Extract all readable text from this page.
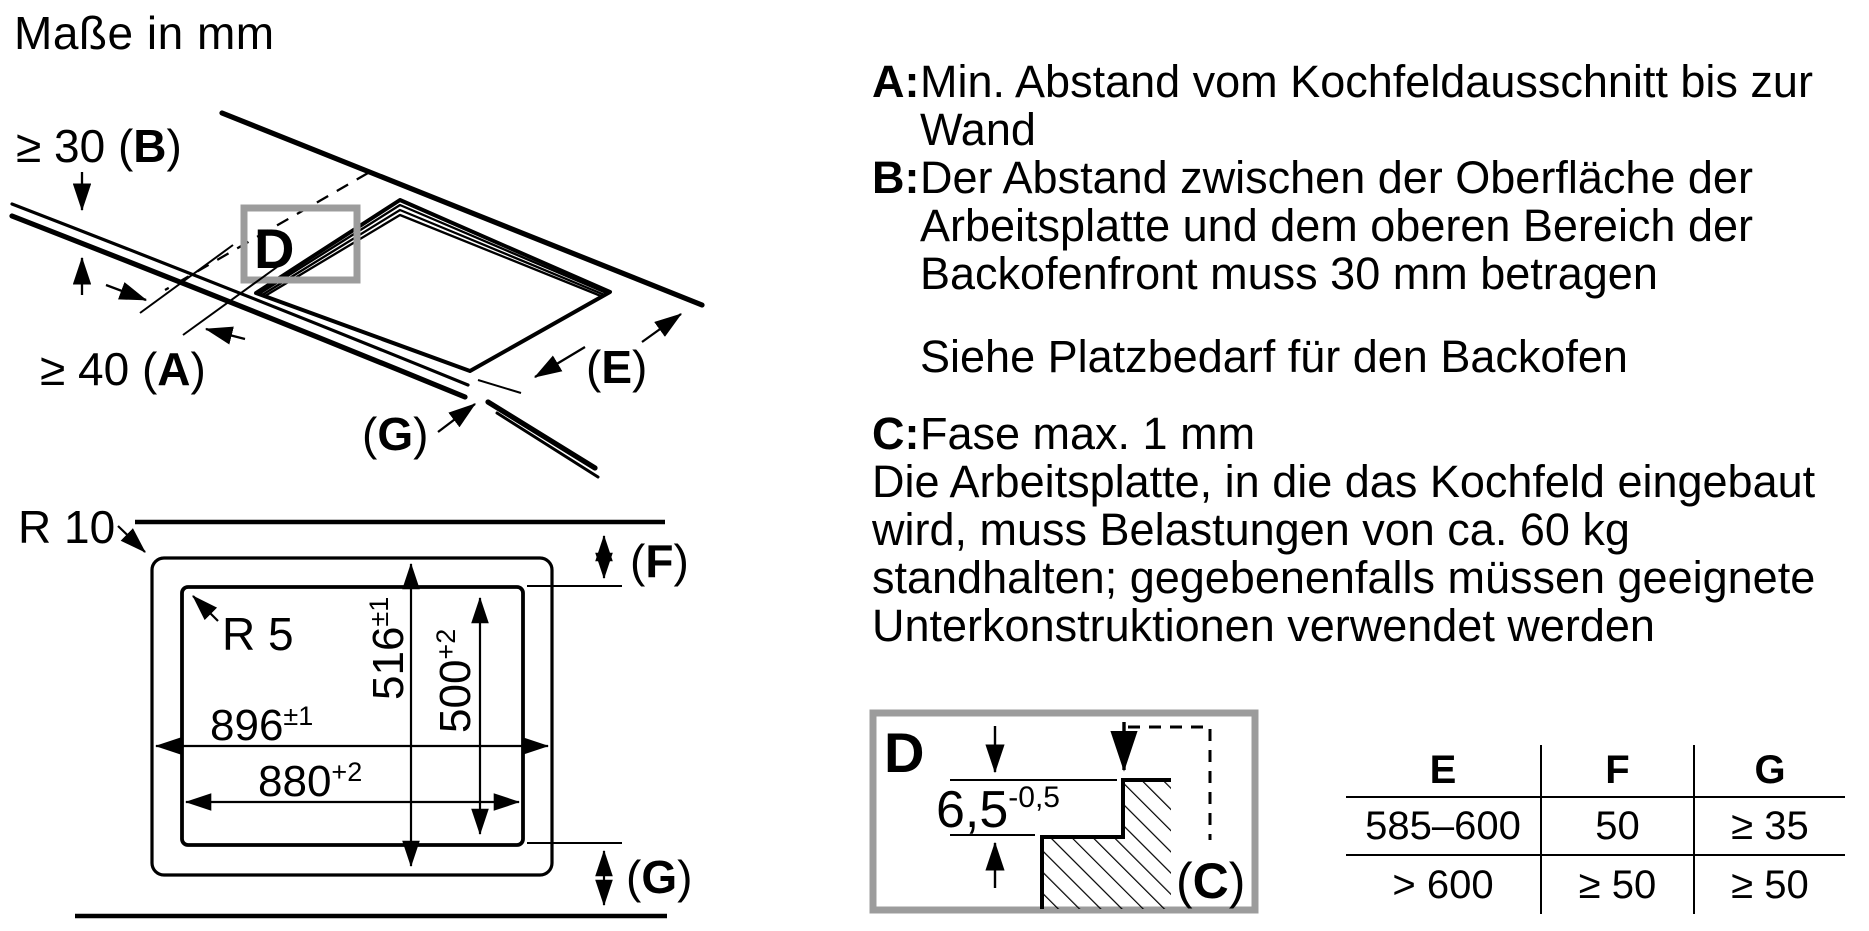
Maße in mm
D
≥ 30 (B)
≥ 40 (A)
(G)
(E)
R 10
R 5 $516^{\pm 1}$
$500^{+2}$
$896^{\pm 1}$
$880^{+2}$
(F)
(G)
A: Min. Abstand vom Kochfeldausschnitt bis zur
Wand
B: Der Abstand zwischen der Oberfläche der
Arbeitsplatte und dem oberen Bereich der
Backofenfront muss 30 mm betragen
Siehe Platzbedarf für den Backofen
C: Fase max. 1 mm
Die Arbeitsplatte, in die das Kochfeld eingebaut
wird, muss Belastungen von ca. 60 kg
standhalten; gegebenenfalls müssen geeignete
Unterkonstruktionen verwendet werden
D
$6,5^{-0,5}$
(C)
E	F	G
585–600	50	≥ 35
> 600	≥ 50	≥ 50
